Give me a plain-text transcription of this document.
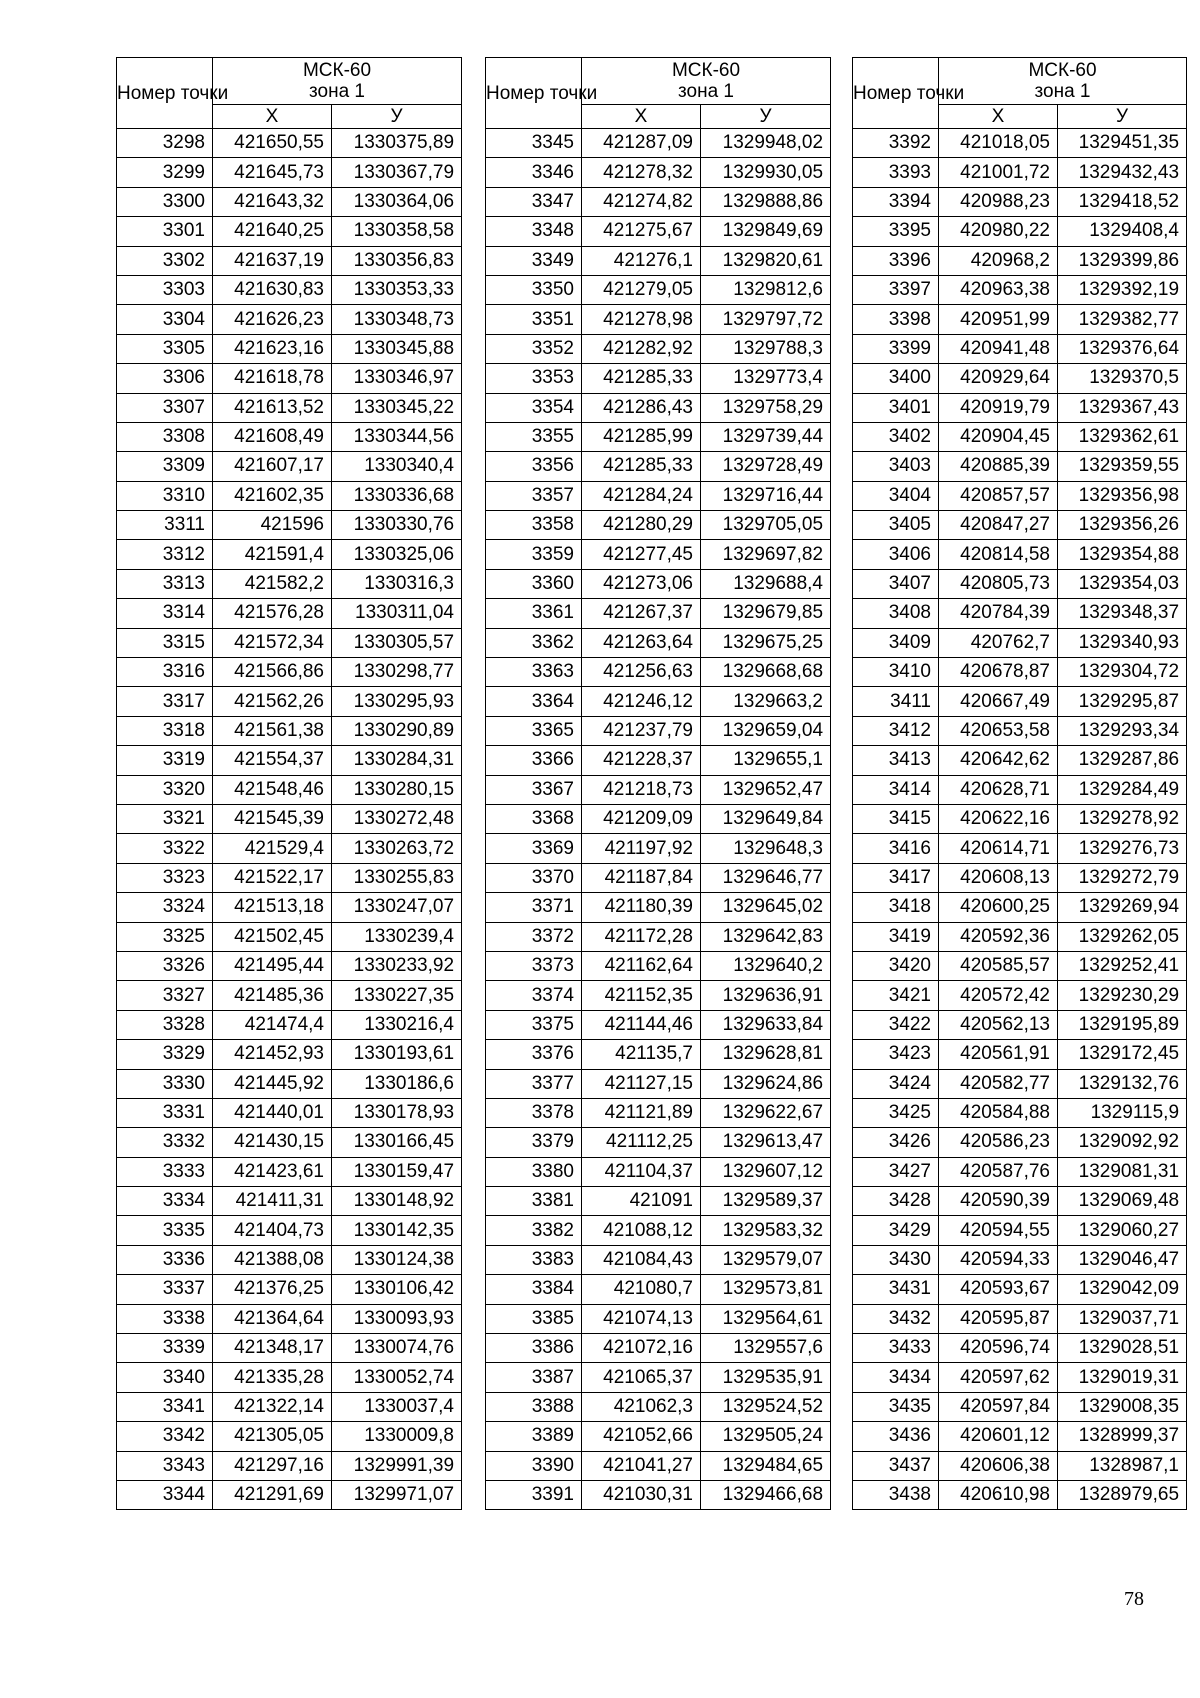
Номер точки	МСК-60
зона 1	

	Х	У
3298	421650,55	1330375,89
3299	421645,73	1330367,79
3300	421643,32	1330364,06
3301	421640,25	1330358,58
3302	421637,19	1330356,83
3303	421630,83	1330353,33
3304	421626,23	1330348,73
3305	421623,16	1330345,88
3306	421618,78	1330346,97
3307	421613,52	1330345,22
3308	421608,49	1330344,56
3309	421607,17	1330340,4
3310	421602,35	1330336,68
3311	421596	1330330,76
3312	421591,4	1330325,06
3313	421582,2	1330316,3
3314	421576,28	1330311,04
3315	421572,34	1330305,57
3316	421566,86	1330298,77
3317	421562,26	1330295,93
3318	421561,38	1330290,89
3319	421554,37	1330284,31
3320	421548,46	1330280,15
3321	421545,39	1330272,48
3322	421529,4	1330263,72
3323	421522,17	1330255,83
3324	421513,18	1330247,07
3325	421502,45	1330239,4
3326	421495,44	1330233,92
3327	421485,36	1330227,35
3328	421474,4	1330216,4
3329	421452,93	1330193,61
3330	421445,92	1330186,6
3331	421440,01	1330178,93
3332	421430,15	1330166,45
3333	421423,61	1330159,47
3334	421411,31	1330148,92
3335	421404,73	1330142,35
3336	421388,08	1330124,38
3337	421376,25	1330106,42
3338	421364,64	1330093,93
3339	421348,17	1330074,76
3340	421335,28	1330052,74
3341	421322,14	1330037,4
3342	421305,05	1330009,8
3343	421297,16	1329991,39
3344	421291,69	1329971,07
Номер точки	МСК-60
зона 1	

	Х	У
3345	421287,09	1329948,02
3346	421278,32	1329930,05
3347	421274,82	1329888,86
3348	421275,67	1329849,69
3349	421276,1	1329820,61
3350	421279,05	1329812,6
3351	421278,98	1329797,72
3352	421282,92	1329788,3
3353	421285,33	1329773,4
3354	421286,43	1329758,29
3355	421285,99	1329739,44
3356	421285,33	1329728,49
3357	421284,24	1329716,44
3358	421280,29	1329705,05
3359	421277,45	1329697,82
3360	421273,06	1329688,4
3361	421267,37	1329679,85
3362	421263,64	1329675,25
3363	421256,63	1329668,68
3364	421246,12	1329663,2
3365	421237,79	1329659,04
3366	421228,37	1329655,1
3367	421218,73	1329652,47
3368	421209,09	1329649,84
3369	421197,92	1329648,3
3370	421187,84	1329646,77
3371	421180,39	1329645,02
3372	421172,28	1329642,83
3373	421162,64	1329640,2
3374	421152,35	1329636,91
3375	421144,46	1329633,84
3376	421135,7	1329628,81
3377	421127,15	1329624,86
3378	421121,89	1329622,67
3379	421112,25	1329613,47
3380	421104,37	1329607,12
3381	421091	1329589,37
3382	421088,12	1329583,32
3383	421084,43	1329579,07
3384	421080,7	1329573,81
3385	421074,13	1329564,61
3386	421072,16	1329557,6
3387	421065,37	1329535,91
3388	421062,3	1329524,52
3389	421052,66	1329505,24
3390	421041,27	1329484,65
3391	421030,31	1329466,68
Номер точки	МСК-60
зона 1	

	Х	У
3392	421018,05	1329451,35
3393	421001,72	1329432,43
3394	420988,23	1329418,52
3395	420980,22	1329408,4
3396	420968,2	1329399,86
3397	420963,38	1329392,19
3398	420951,99	1329382,77
3399	420941,48	1329376,64
3400	420929,64	1329370,5
3401	420919,79	1329367,43
3402	420904,45	1329362,61
3403	420885,39	1329359,55
3404	420857,57	1329356,98
3405	420847,27	1329356,26
3406	420814,58	1329354,88
3407	420805,73	1329354,03
3408	420784,39	1329348,37
3409	420762,7	1329340,93
3410	420678,87	1329304,72
3411	420667,49	1329295,87
3412	420653,58	1329293,34
3413	420642,62	1329287,86
3414	420628,71	1329284,49
3415	420622,16	1329278,92
3416	420614,71	1329276,73
3417	420608,13	1329272,79
3418	420600,25	1329269,94
3419	420592,36	1329262,05
3420	420585,57	1329252,41
3421	420572,42	1329230,29
3422	420562,13	1329195,89
3423	420561,91	1329172,45
3424	420582,77	1329132,76
3425	420584,88	1329115,9
3426	420586,23	1329092,92
3427	420587,76	1329081,31
3428	420590,39	1329069,48
3429	420594,55	1329060,27
3430	420594,33	1329046,47
3431	420593,67	1329042,09
3432	420595,87	1329037,71
3433	420596,74	1329028,51
3434	420597,62	1329019,31
3435	420597,84	1329008,35
3436	420601,12	1328999,37
3437	420606,38	1328987,1
3438	420610,98	1328979,65
78
